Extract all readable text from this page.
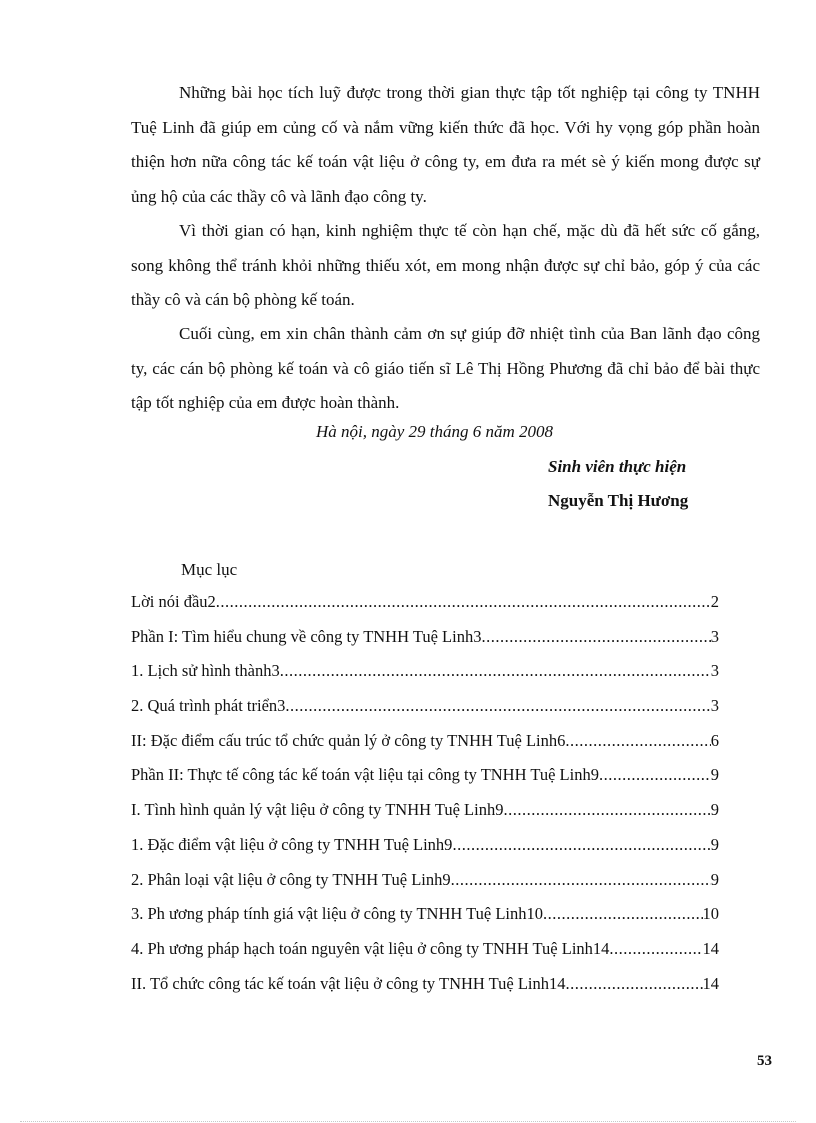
Những bài học tích luỹ được trong thời gian thực tập tốt nghiệp tại công ty TNHH Tuệ Linh đã giúp em củng cố và nắm vững kiến thức đã học. Với hy vọng góp phần hoàn thiện hơn nữa công tác kế toán vật liệu ở công ty, em đưa ra mét sè ý kiến mong được sự ủng hộ của các thầy cô và lãnh đạo công ty.

Vì thời gian có hạn, kinh nghiệm thực tế còn hạn chế, mặc dù đã hết sức cố gắng, song không thể tránh khỏi những thiếu xót, em mong nhận được sự chỉ bảo, góp ý của các thầy cô và cán bộ phòng kế toán.

Cuối cùng, em xin chân thành cảm ơn sự giúp đỡ nhiệt tình của Ban lãnh đạo công ty, các cán bộ phòng kế toán và cô giáo tiến sĩ Lê Thị Hồng Phương đã chỉ bảo để bài thực tập tốt nghiệp của em được hoàn thành.

Hà nội, ngày 29 tháng 6 năm 2008
Sinh viên thực hiện
Nguyễn Thị Hương
Mục lục
Lời nói đầu2 .....	2
Phần I: Tìm hiểu chung về công ty TNHH Tuệ Linh3 .....	3
1. Lịch sử hình thành3 .....	3
2. Quá trình phát triển3 .....	3
II: Đặc điểm cấu trúc tổ chức quản lý ở công ty TNHH Tuệ Linh6 .....	6
Phần II: Thực tế công tác kế toán vật liệu tại công ty TNHH Tuệ Linh9 .....	9
I. Tình hình quản lý vật liệu ở công ty TNHH Tuệ Linh9 .....	9
1. Đặc điểm vật liệu ở công ty TNHH Tuệ Linh9 .....	9
2. Phân loại vật liệu ở công ty TNHH Tuệ Linh9 .....	9
3. Ph ương pháp tính giá vật liệu ở công ty TNHH Tuệ Linh10 .....	10
4. Ph ương pháp hạch toán nguyên vật liệu ở công ty TNHH Tuệ Linh14 .....	14
II. Tổ chức công tác kế toán vật liệu ở công ty TNHH Tuệ Linh14 .....	14
53
